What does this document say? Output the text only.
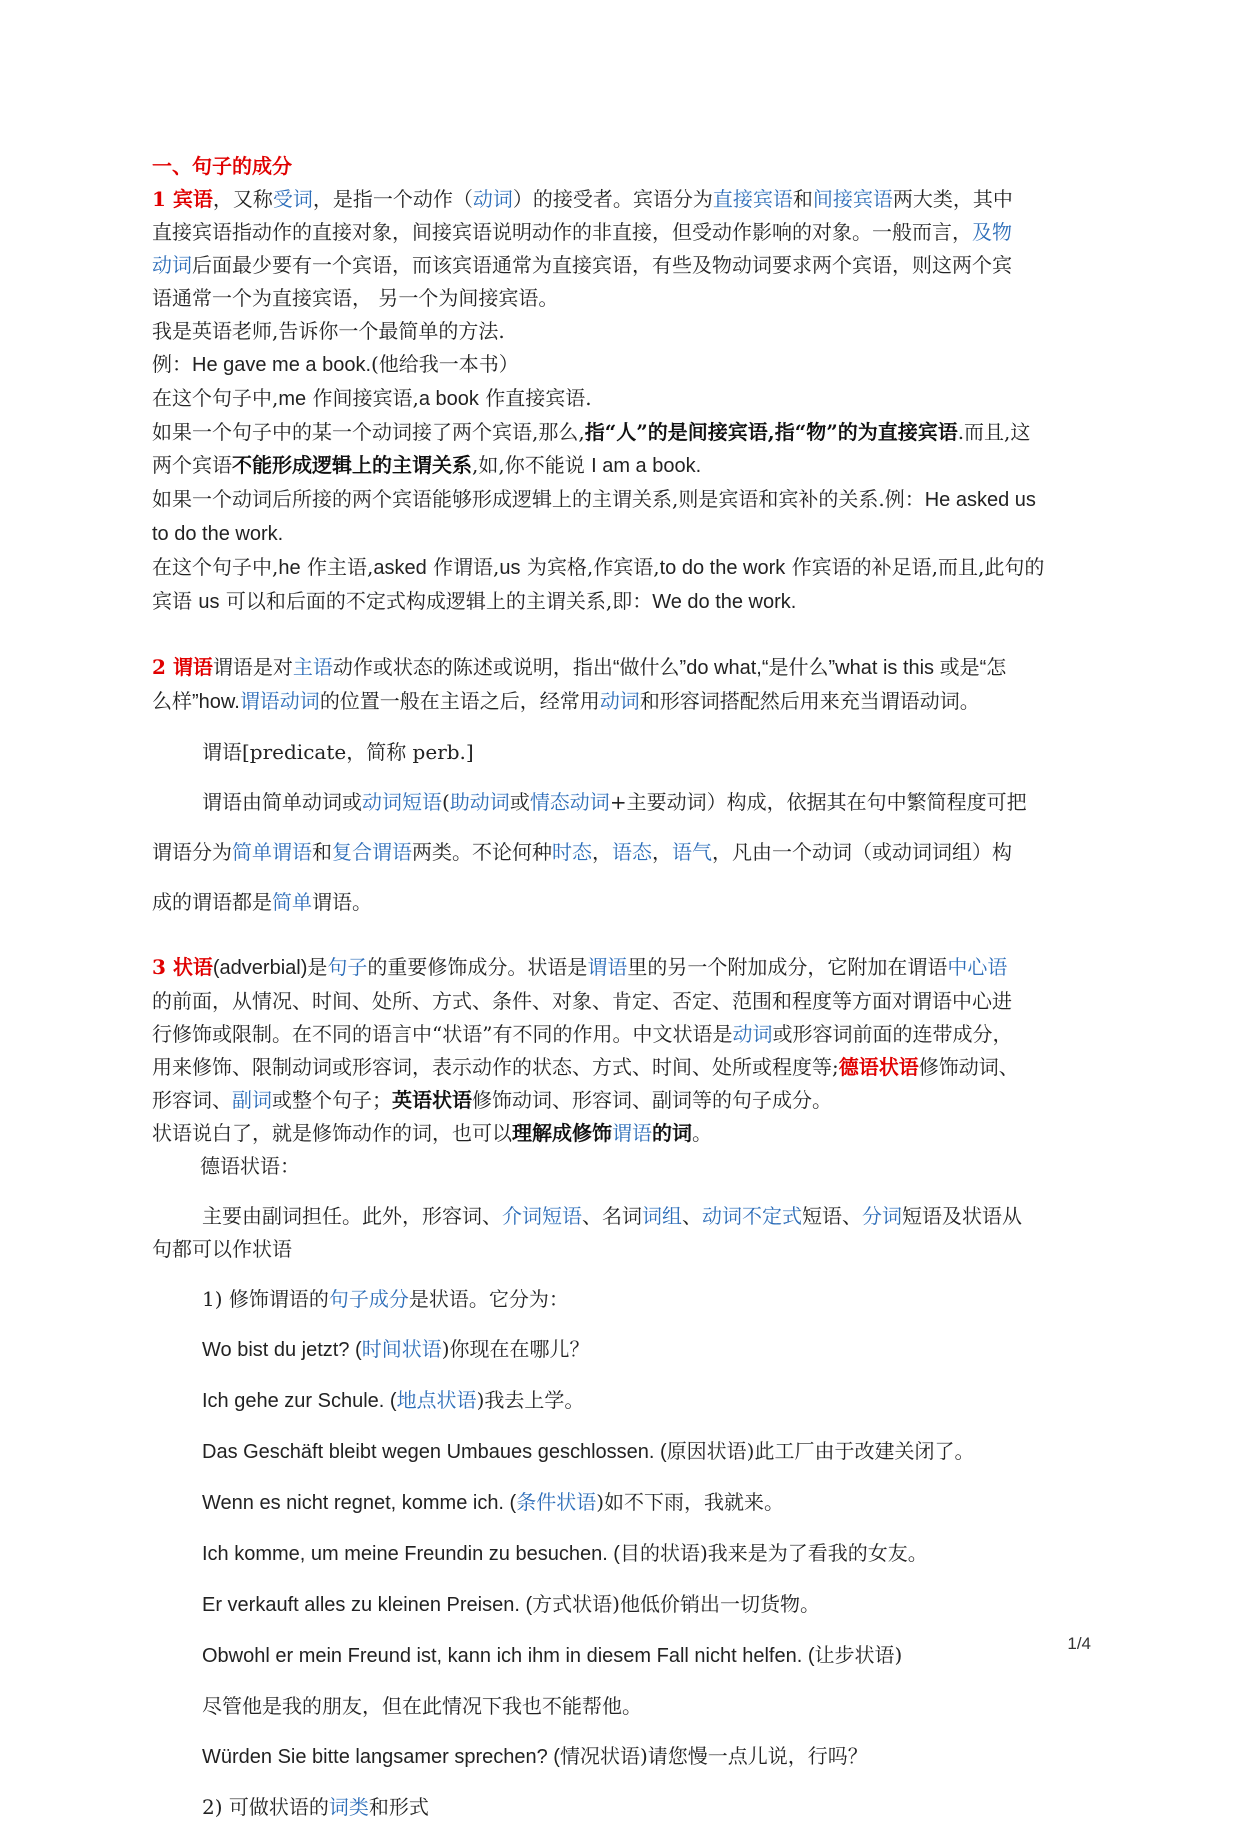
一、句子的成分
1 宾语，又称受词，是指一个动作（动词）的接受者。宾语分为直接宾语和间接宾语两大类，其中
直接宾语指动作的直接对象，间接宾语说明动作的非直接，但受动作影响的对象。一般而言，及物
动词后面最少要有一个宾语，而该宾语通常为直接宾语，有些及物动词要求两个宾语，则这两个宾
语通常一个为直接宾语， 另一个为间接宾语。
我是英语老师,告诉你一个最简单的方法.
例：He gave me a book.(他给我一本书）
在这个句子中,me 作间接宾语,a book 作直接宾语.
如果一个句子中的某一个动词接了两个宾语,那么,指“人”的是间接宾语,指“物”的为直接宾语.而且,这
两个宾语不能形成逻辑上的主谓关系,如,你不能说 I am a book.
如果一个动词后所接的两个宾语能够形成逻辑上的主谓关系,则是宾语和宾补的关系.例：He asked us
to do the work.
在这个句子中,he 作主语,asked 作谓语,us 为宾格,作宾语,to do the work 作宾语的补足语,而且,此句的
宾语 us 可以和后面的不定式构成逻辑上的主谓关系,即：We do the work.
2 谓语谓语是对主语动作或状态的陈述或说明，指出“做什么”do what,“是什么”what is this 或是“怎
么样”how.谓语动词的位置一般在主语之后，经常用动词和形容词搭配然后用来充当谓语动词。
谓语[predicate，简称 perb.]
谓语由简单动词或动词短语(助动词或情态动词+主要动词）构成，依据其在句中繁简程度可把
谓语分为简单谓语和复合谓语两类。不论何种时态，语态，语气，凡由一个动词（或动词词组）构
成的谓语都是简单谓语。
3 状语(adverbial)是句子的重要修饰成分。状语是谓语里的另一个附加成分，它附加在谓语中心语
的前面，从情况、时间、处所、方式、条件、对象、肯定、否定、范围和程度等方面对谓语中心进
行修饰或限制。在不同的语言中“状语”有不同的作用。中文状语是动词或形容词前面的连带成分，
用来修饰、限制动词或形容词，表示动作的状态、方式、时间、处所或程度等;德语状语修饰动词、
形容词、副词或整个句子；英语状语修饰动词、形容词、副词等的句子成分。
状语说白了，就是修饰动作的词，也可以理解成修饰谓语的词。
德语状语：
主要由副词担任。此外，形容词、介词短语、名词词组、动词不定式短语、分词短语及状语从
句都可以作状语
1) 修饰谓语的句子成分是状语。它分为：
Wo bist du jetzt? (时间状语)你现在在哪儿？
Ich gehe zur Schule. (地点状语)我去上学。
Das Geschäft bleibt wegen Umbaues geschlossen. (原因状语)此工厂由于改建关闭了。
Wenn es nicht regnet, komme ich. (条件状语)如不下雨，我就来。
Ich komme, um meine Freundin zu besuchen. (目的状语)我来是为了看我的女友。
Er verkauft alles zu kleinen Preisen. (方式状语)他低价销出一切货物。
Obwohl er mein Freund ist, kann ich ihm in diesem Fall nicht helfen. (让步状语)
尽管他是我的朋友，但在此情况下我也不能帮他。
Würden Sie bitte langsamer sprechen? (情况状语)请您慢一点儿说，行吗？
2) 可做状语的词类和形式
1/4
